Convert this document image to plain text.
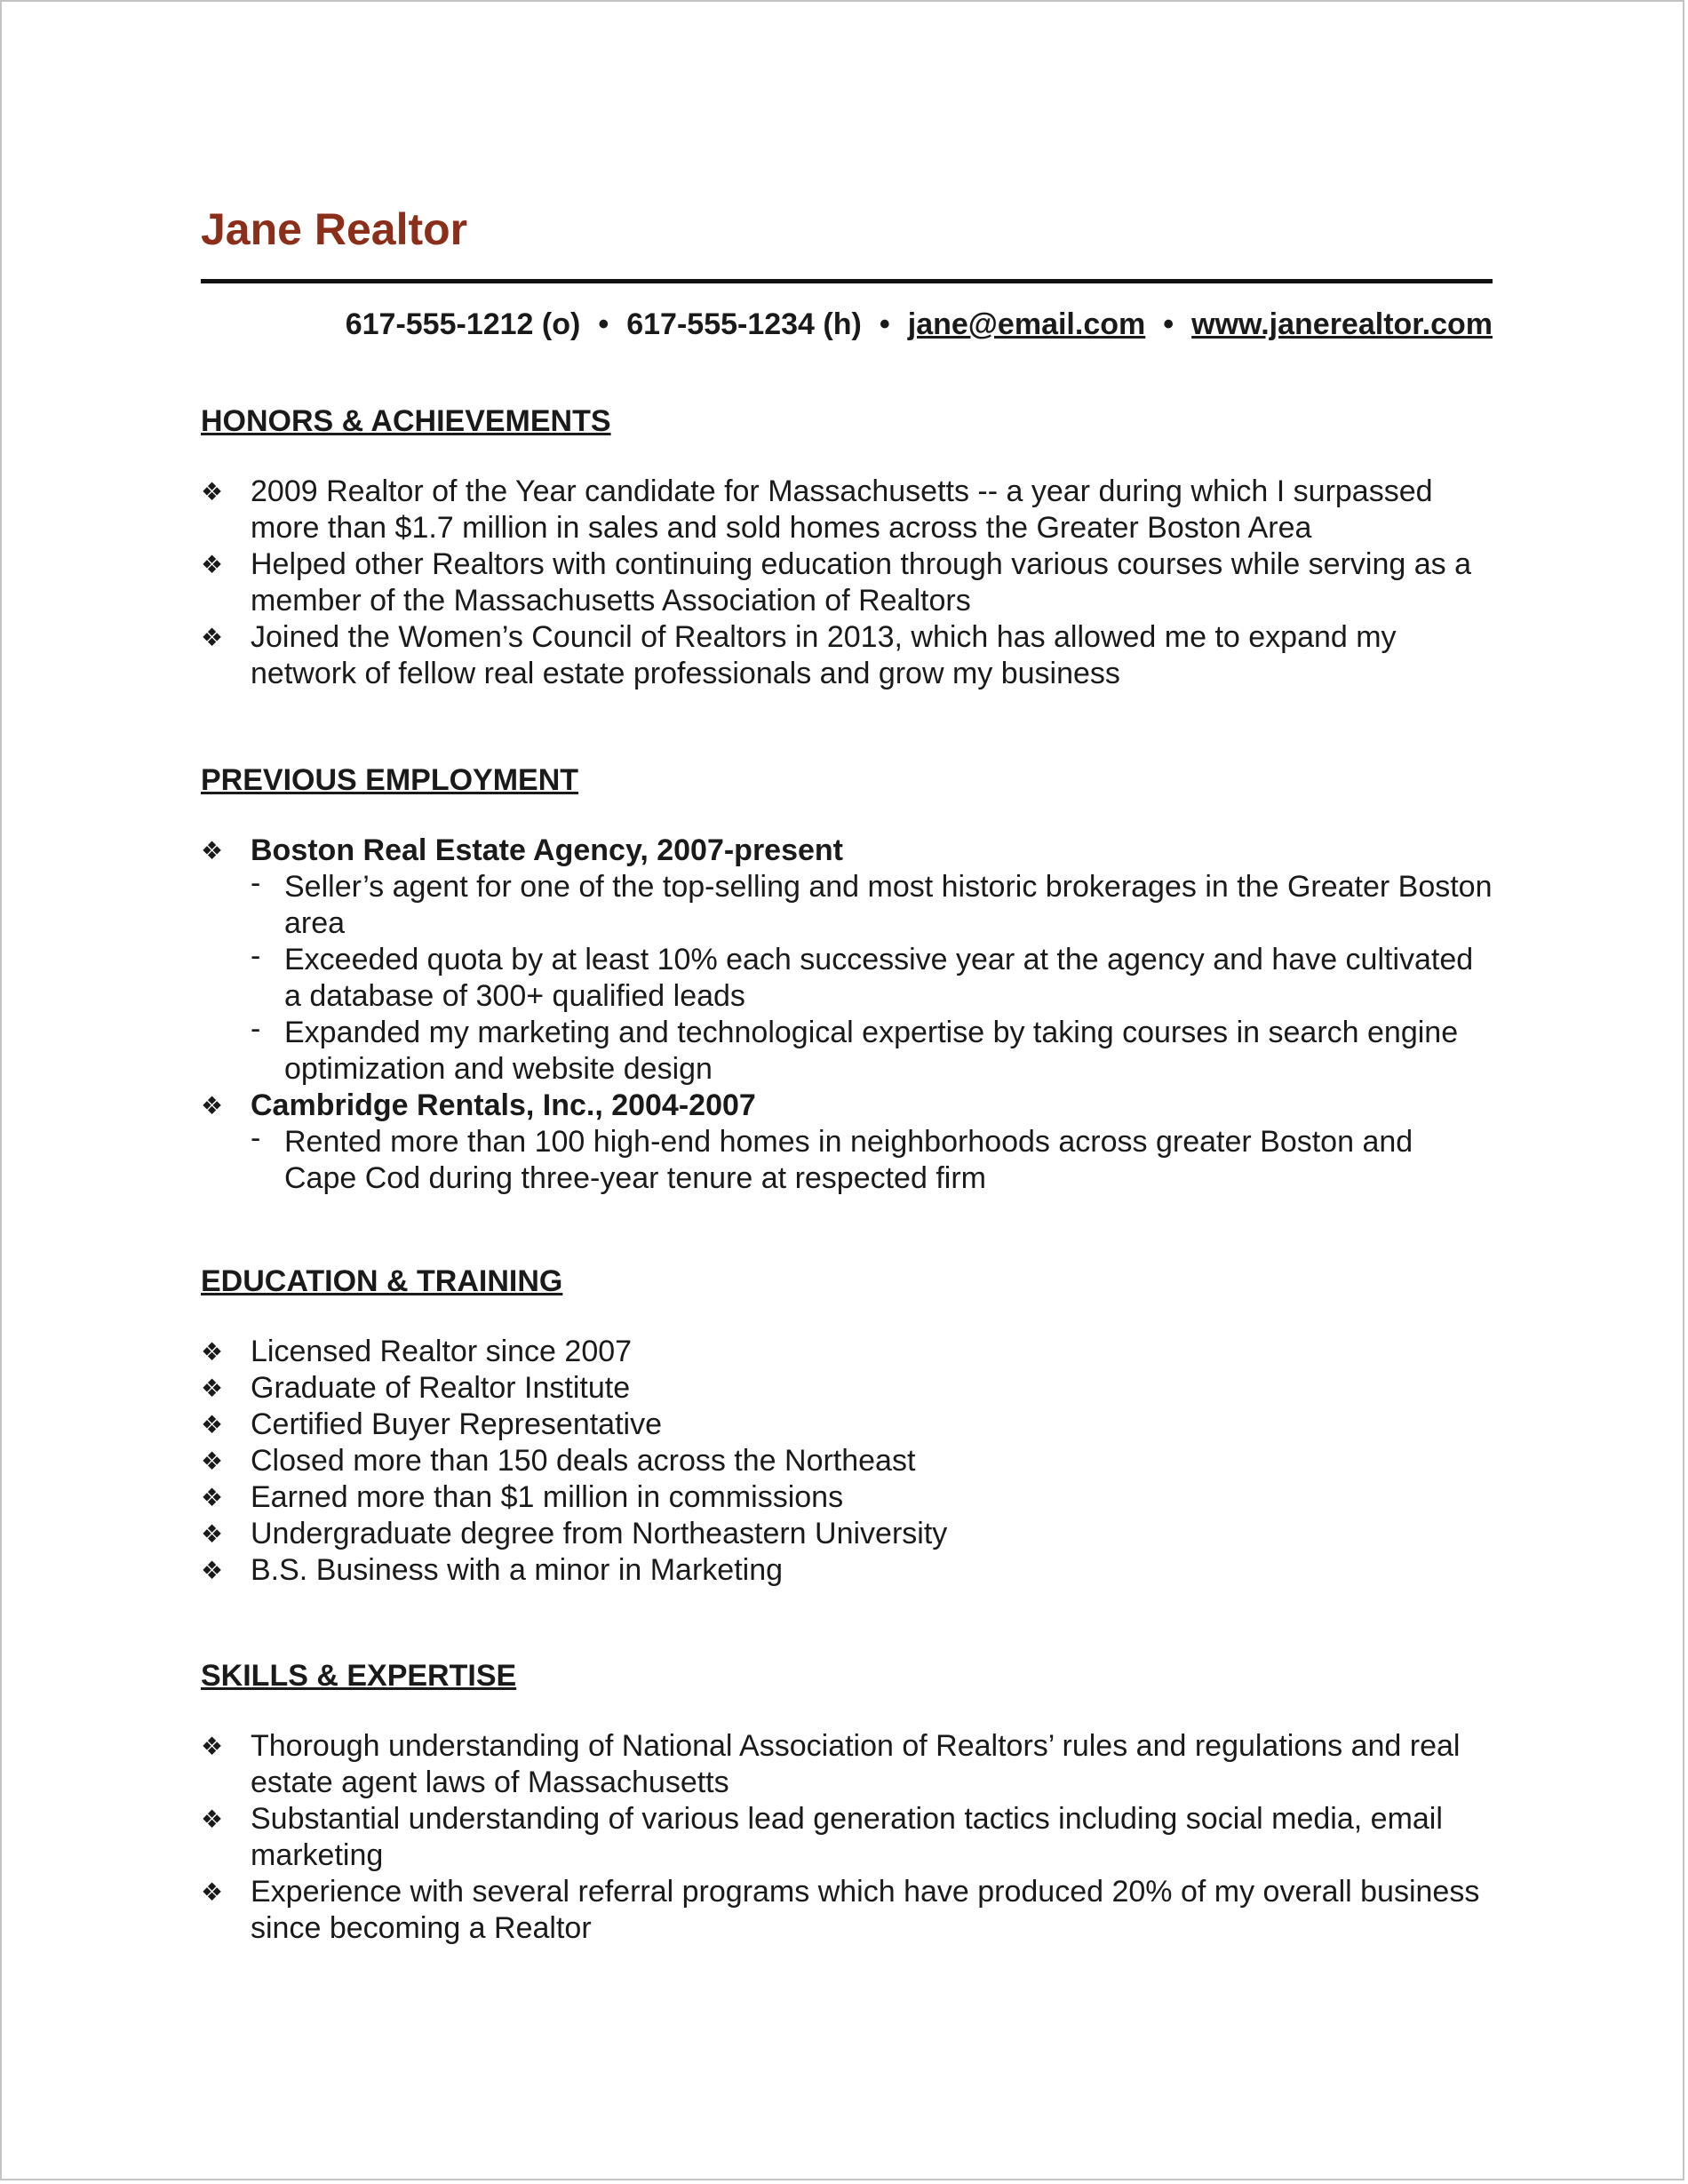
Jane Realtor
617-555-1212 (o) • 617-555-1234 (h) • jane@email.com • www.janerealtor.com
HONORS & ACHIEVEMENTS
❖ 2009 Realtor of the Year candidate for Massachusetts -- a year during which I surpassed more than $1.7 million in sales and sold homes across the Greater Boston Area
❖ Helped other Realtors with continuing education through various courses while serving as a member of the Massachusetts Association of Realtors
❖ Joined the Women’s Council of Realtors in 2013, which has allowed me to expand my network of fellow real estate professionals and grow my business
PREVIOUS EMPLOYMENT
❖ Boston Real Estate Agency, 2007-present
- Seller’s agent for one of the top-selling and most historic brokerages in the Greater Boston area
- Exceeded quota by at least 10% each successive year at the agency and have cultivated a database of 300+ qualified leads
- Expanded my marketing and technological expertise by taking courses in search engine optimization and website design
❖ Cambridge Rentals, Inc., 2004-2007
- Rented more than 100 high-end homes in neighborhoods across greater Boston and Cape Cod during three-year tenure at respected firm
EDUCATION & TRAINING
❖ Licensed Realtor since 2007
❖ Graduate of Realtor Institute
❖ Certified Buyer Representative
❖ Closed more than 150 deals across the Northeast
❖ Earned more than $1 million in commissions
❖ Undergraduate degree from Northeastern University
❖ B.S. Business with a minor in Marketing
SKILLS & EXPERTISE
❖ Thorough understanding of National Association of Realtors’ rules and regulations and real estate agent laws of Massachusetts
❖ Substantial understanding of various lead generation tactics including social media, email marketing
❖ Experience with several referral programs which have produced 20% of my overall business since becoming a Realtor
